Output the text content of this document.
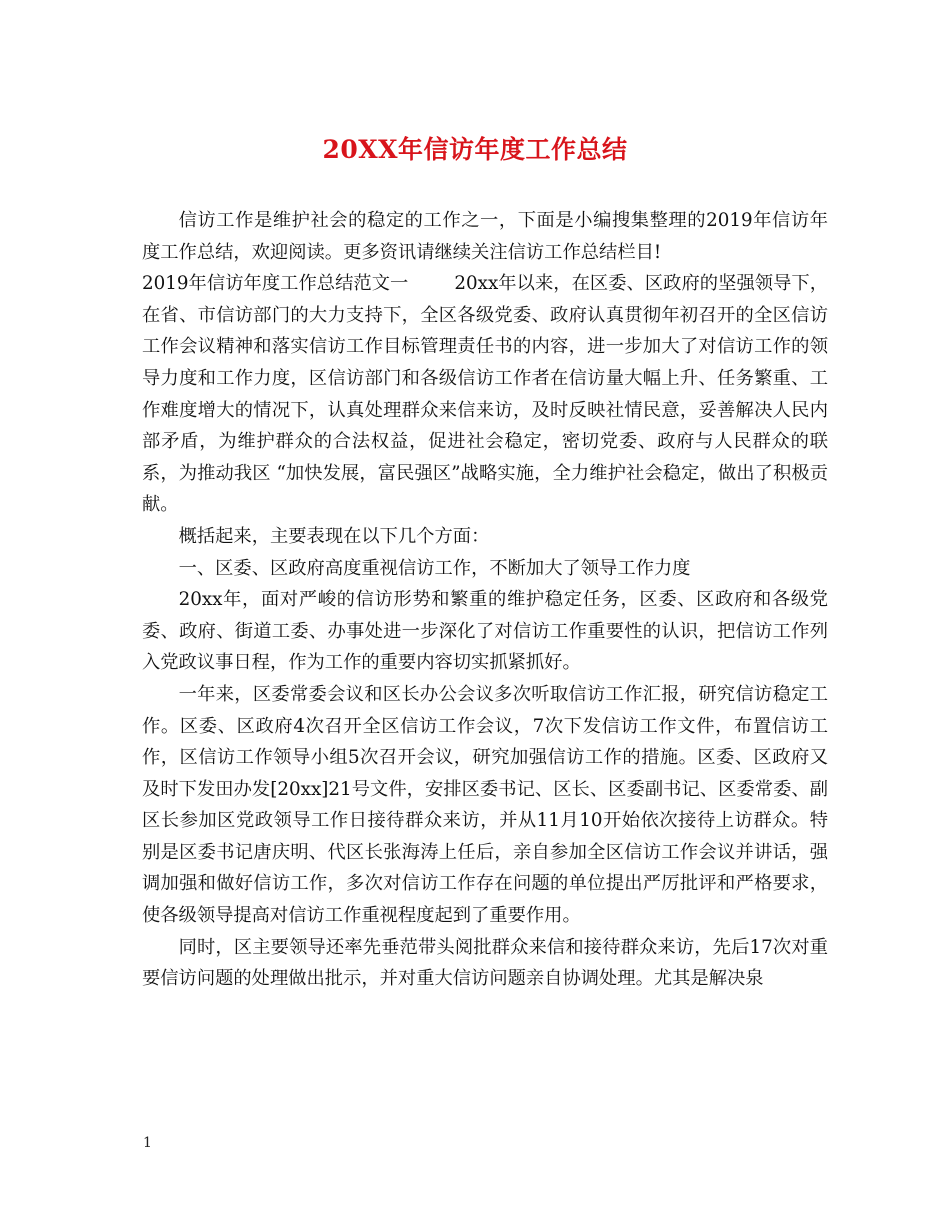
20XX年信访年度工作总结

信访工作是维护社会的稳定的工作之一，下面是小编搜集整理的2019年信访年度工作总结，欢迎阅读。更多资讯请继续关注信访工作总结栏目!

2019年信访年度工作总结范文一	20xx年以来，在区委、区政府的坚强领导下，在省、市信访部门的大力支持下，全区各级党委、政府认真贯彻年初召开的全区信访工作会议精神和落实信访工作目标管理责任书的内容，进一步加大了对信访工作的领导力度和工作力度，区信访部门和各级信访工作者在信访量大幅上升、任务繁重、工作难度增大的情况下，认真处理群众来信来访，及时反映社情民意，妥善解决人民内部矛盾，为维护群众的合法权益，促进社会稳定，密切党委、政府与人民群众的联系，为推动我区 “加快发展，富民强区”战略实施，全力维护社会稳定，做出了积极贡献。

概括起来，主要表现在以下几个方面：

一、区委、区政府高度重视信访工作，不断加大了领导工作力度

20xx年，面对严峻的信访形势和繁重的维护稳定任务，区委、区政府和各级党委、政府、街道工委、办事处进一步深化了对信访工作重要性的认识，把信访工作列入党政议事日程，作为工作的重要内容切实抓紧抓好。

一年来，区委常委会议和区长办公会议多次听取信访工作汇报，研究信访稳定工作。区委、区政府4次召开全区信访工作会议，7次下发信访工作文件，布置信访工作，区信访工作领导小组5次召开会议，研究加强信访工作的措施。区委、区政府又及时下发田办发[20xx]21号文件，安排区委书记、区长、区委副书记、区委常委、副区长参加区党政领导工作日接待群众来访，并从11月10开始依次接待上访群众。特别是区委书记唐庆明、代区长张海涛上任后，亲自参加全区信访工作会议并讲话，强调加强和做好信访工作，多次对信访工作存在问题的单位提出严厉批评和严格要求，使各级领导提高对信访工作重视程度起到了重要作用。

同时，区主要领导还率先垂范带头阅批群众来信和接待群众来访，先后17次对重要信访问题的处理做出批示，并对重大信访问题亲自协调处理。尤其是解决泉

1
